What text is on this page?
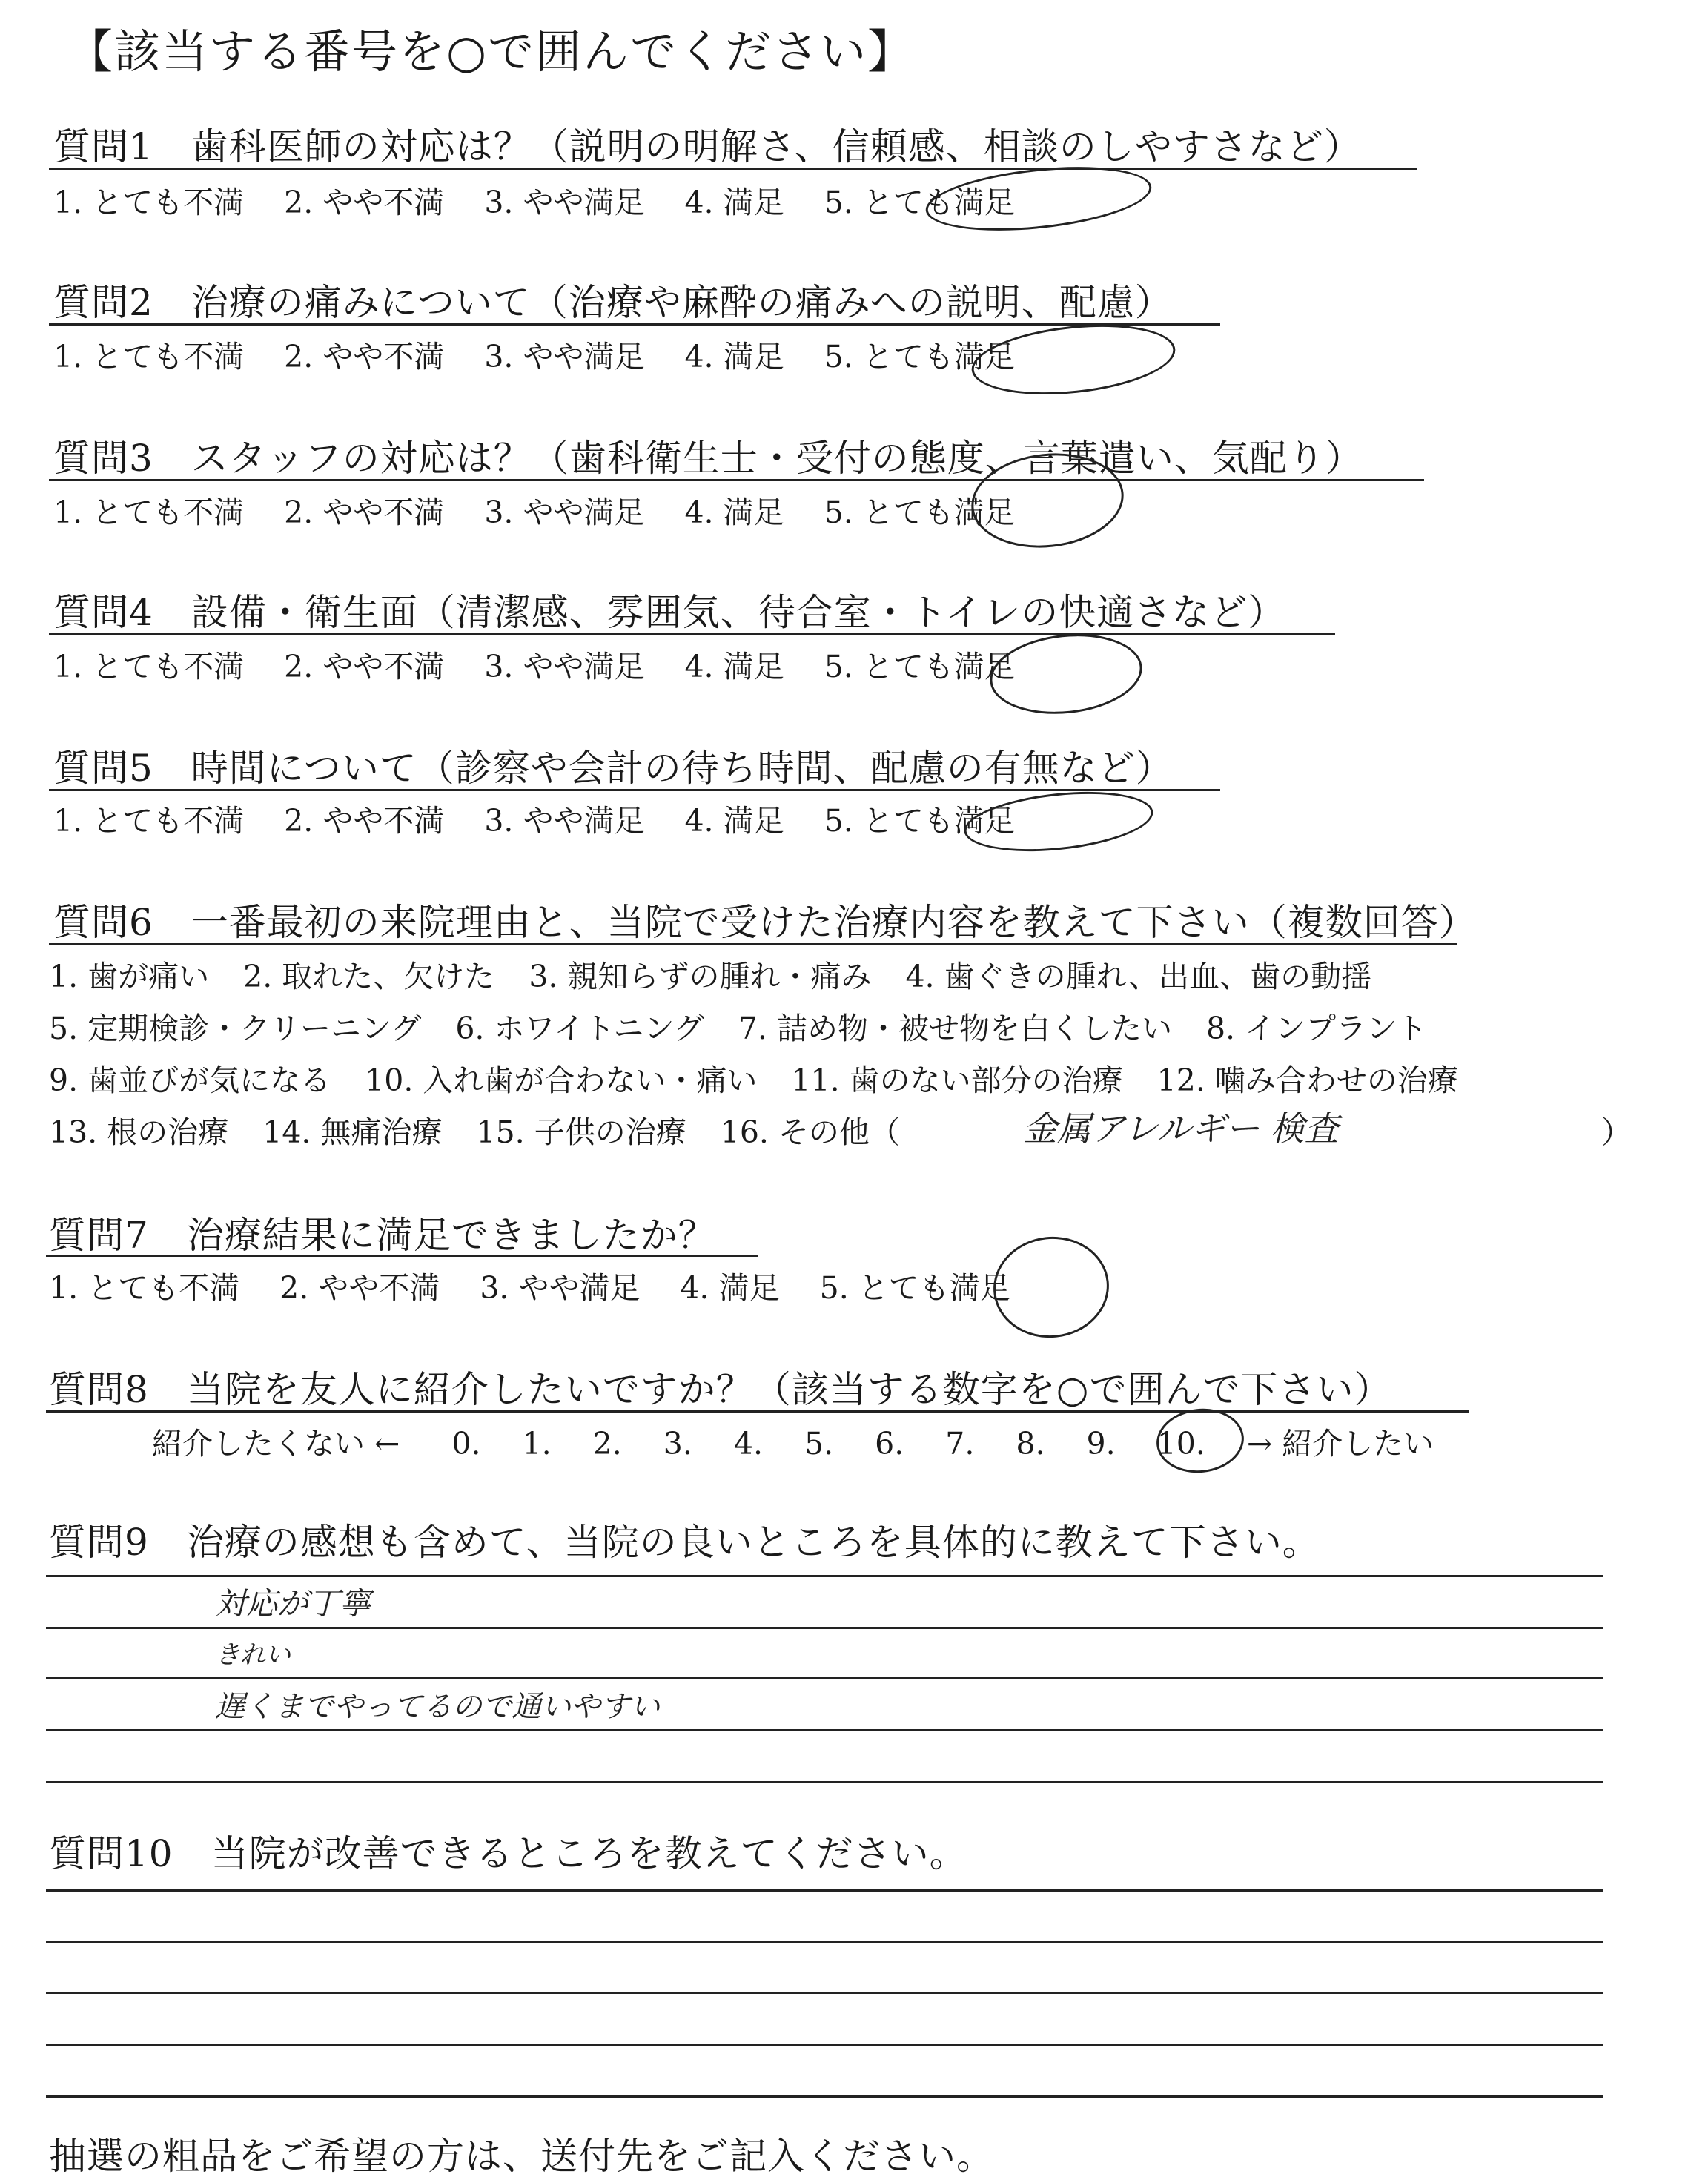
【該当する番号を○で囲んでください】
質問1　歯科医師の対応は？（説明の明解さ、信頼感、相談のしやすさなど）
1. とても不満 2. やや不満 3. やや満足 4. 満足 5. とても満足
質問2　治療の痛みについて（治療や麻酔の痛みへの説明、配慮）
1. とても不満 2. やや不満 3. やや満足 4. 満足 5. とても満足
質問3　スタッフの対応は？（歯科衛生士・受付の態度、言葉遣い、気配り）
1. とても不満 2. やや不満 3. やや満足 4. 満足 5. とても満足
質問4　設備・衛生面（清潔感、雰囲気、待合室・トイレの快適さなど）
1. とても不満 2. やや不満 3. やや満足 4. 満足 5. とても満足
質問5　時間について（診察や会計の待ち時間、配慮の有無など）
1. とても不満 2. やや不満 3. やや満足 4. 満足 5. とても満足
質問6　一番最初の来院理由と、当院で受けた治療内容を教えて下さい（複数回答）
1. 歯が痛い 2. 取れた、欠けた 3. 親知らずの腫れ・痛み 4. 歯ぐきの腫れ、出血、歯の動揺
5. 定期検診・クリーニング 6. ホワイトニング 7. 詰め物・被せ物を白くしたい 8. インプラント
9. 歯並びが気になる 10. 入れ歯が合わない・痛い 11. 歯のない部分の治療 12. 噛み合わせの治療
13. 根の治療 14. 無痛治療 15. 子供の治療 16. その他（	金属アレルギー 検査	）
質問7　治療結果に満足できましたか？
1. とても不満 2. やや不満 3. やや満足 4. 満足 5. とても満足
質問8　当院を友人に紹介したいですか？（該当する数字を○で囲んで下さい）
紹介したくない ← 0. 1. 2. 3. 4. 5. 6. 7. 8. 9. 10. → 紹介したい
質問9　治療の感想も含めて、当院の良いところを具体的に教えて下さい。
対応が丁寧
きれい
遅くまでやってるので通いやすい
質問10　当院が改善できるところを教えてください。
抽選の粗品をご希望の方は、送付先をご記入ください。
